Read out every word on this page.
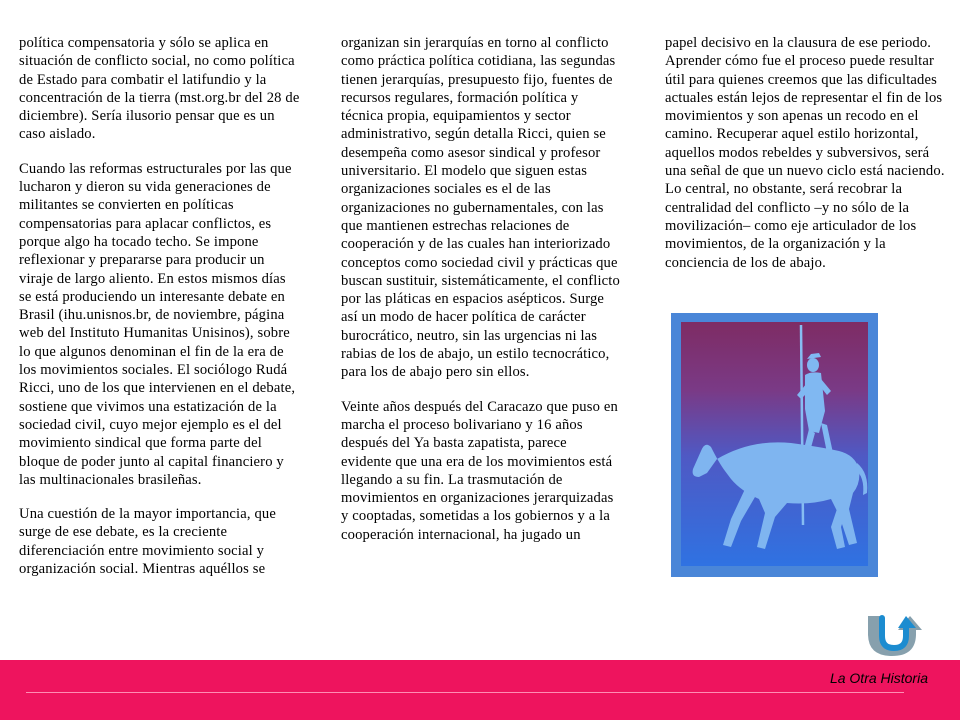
política compensatoria y sólo se aplica en situación de conflicto social, no como política de Estado para combatir el latifundio y la concentración de la tierra (mst.org.br del 28 de diciembre). Sería ilusorio pensar que es un caso aislado.

Cuando las reformas estructurales por las que lucharon y dieron su vida generaciones de militantes se convierten en políticas compensatorias para aplacar conflictos, es porque algo ha tocado techo. Se impone reflexionar y prepararse para producir un viraje de largo aliento. En estos mismos días se está produciendo un interesante debate en Brasil (ihu.unisnos.br, de noviembre, página web del Instituto Humanitas Unisinos), sobre lo que algunos denominan el fin de la era de los movimientos sociales. El sociólogo Rudá Ricci, uno de los que intervienen en el debate, sostiene que vivimos una estatización de la sociedad civil, cuyo mejor ejemplo es el del movimiento sindical que forma parte del bloque de poder junto al capital financiero y las multinacionales brasileñas.

Una cuestión de la mayor importancia, que surge de ese debate, es la creciente diferenciación entre movimiento social y organización social. Mientras aquéllos se

organizan sin jerarquías en torno al conflicto como práctica política cotidiana, las segundas tienen jerarquías, presupuesto fijo, fuentes de recursos regulares, formación política y técnica propia, equipamientos y sector administrativo, según detalla Ricci, quien se desempeña como asesor sindical y profesor universitario. El modelo que siguen estas organizaciones sociales es el de las organizaciones no gubernamentales, con las que mantienen estrechas relaciones de cooperación y de las cuales han interiorizado conceptos como sociedad civil y prácticas que buscan sustituir, sistemáticamente, el conflicto por las pláticas en espacios asépticos. Surge así un modo de hacer política de carácter burocrático, neutro, sin las urgencias ni las rabias de los de abajo, un estilo tecnocrático, para los de abajo pero sin ellos.

Veinte años después del Caracazo que puso en marcha el proceso bolivariano y 16 años después del Ya basta zapatista, parece evidente que una era de los movimientos está llegando a su fin. La trasmutación de movimientos en organizaciones jerarquizadas y cooptadas, sometidas a los gobiernos y a la cooperación internacional, ha jugado un

papel decisivo en la clausura de ese periodo. Aprender cómo fue el proceso puede resultar útil para quienes creemos que las dificultades actuales están lejos de representar el fin de los movimientos y son apenas un recodo en el camino. Recuperar aquel estilo horizontal, aquellos modos rebeldes y subversivos, será una señal de que un nuevo ciclo está naciendo. Lo central, no obstante, será recobrar la centralidad del conflicto –y no sólo de la movilización– como eje articulador de los movimientos, de la organización y la conciencia de los de abajo.

La Otra Historia
